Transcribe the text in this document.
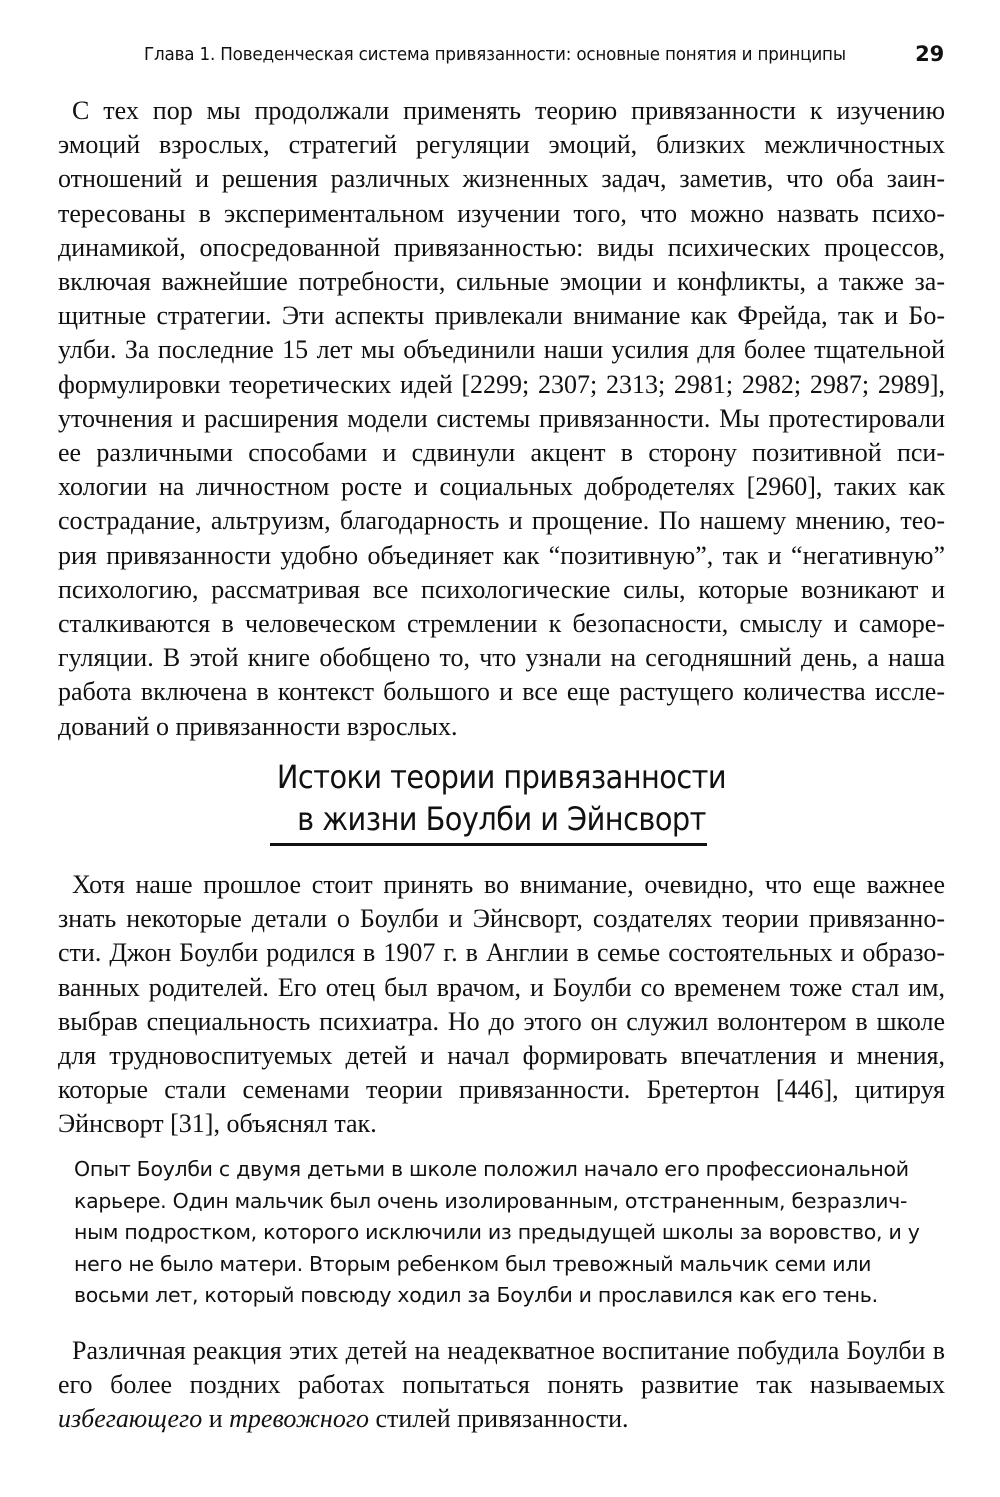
Глава 1. Поведенческая система привязанности: основные понятия и принципы	29

С тех пор мы продолжали применять теорию привязанности к изучению эмоций взрослых, стратегий регуляции эмоций, близких межличностных отношений и решения различных жизненных задач, заметив, что оба заинтересованы в экспериментальном изучении того, что можно назвать психодинамикой, опосредованной привязанностью: виды психических процессов, включая важнейшие потребности, сильные эмоции и конфликты, а также защитные стратегии. Эти аспекты привлекали внимание как Фрейда, так и Боулби. За последние 15 лет мы объединили наши усилия для более тщательной формулировки теоретических идей [2299; 2307; 2313; 2981; 2982; 2987; 2989], уточнения и расширения модели системы привязанности. Мы протестировали ее различными способами и сдвинули акцент в сторону позитивной психологии на личностном росте и социальных добродетелях [2960], таких как сострадание, альтруизм, благодарность и прощение. По нашему мнению, теория привязанности удобно объединяет как “позитивную”, так и “негативную” психологию, рассматривая все психологические силы, которые возникают и сталкиваются в человеческом стремлении к безопасности, смыслу и саморегуляции. В этой книге обобщено то, что узнали на сегодняшний день, а наша работа включена в контекст большого и все еще растущего количества исследований о привязанности взрослых.

Истоки теории привязанности
в жизни Боулби и Эйнсворт

Хотя наше прошлое стоит принять во внимание, очевидно, что еще важнее знать некоторые детали о Боулби и Эйнсворт, создателях теории привязанности. Джон Боулби родился в 1907 г. в Англии в семье состоятельных и образованных родителей. Его отец был врачом, и Боулби со временем тоже стал им, выбрав специальность психиатра. Но до этого он служил волонтером в школе для трудновоспитуемых детей и начал формировать впечатления и мнения, которые стали семенами теории привязанности. Бретертон [446], цитируя Эйнсворт [31], объяснял так.

Опыт Боулби с двумя детьми в школе положил начало его профессиональной карьере. Один мальчик был очень изолированным, отстраненным, безразличным подростком, которого исключили из предыдущей школы за воровство, и у него не было матери. Вторым ребенком был тревожный мальчик семи или восьми лет, который повсюду ходил за Боулби и прославился как его тень.

Различная реакция этих детей на неадекватное воспитание побудила Боулби в его более поздних работах попытаться понять развитие так называемых избегающего и тревожного стилей привязанности.
